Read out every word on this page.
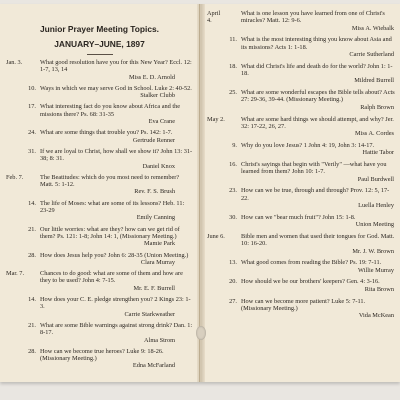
Junior Prayer Meeting Topics.
JANUARY–JUNE, 1897
Jan. 3.	What good resolution have you for this New Year? Eccl. 12: 1-7, 13, 14
Miss E. D. Arnold
10. Ways in which we may serve God in School. Luke 2: 40-52.
Stalker Clubb
17. What interesting fact do you know about Africa and the missions there? Ps. 68: 31-35
Eva Crane
24. What are some things that trouble you? Ps. 142: 1-7.
Gertrude Renner
31. If we are loyal to Christ, how shall we show it? John 13: 31-38; 8: 31.
Daniel Knox
Feb. 7.	The Beatitudes: which do you most need to remember? Matt. 5: 1-12.
Rev. F. S. Brush
14. The life of Moses: what are some of its lessons? Heb. 11: 23-29
Emily Canning
21. Our little worries: what are they? how can we get rid of them? Ps. 121: 1-8; John 14: 1, (Missionary Meeting.)
Mamie Park
28. How does Jesus help you? John 6: 28-35 (Union Meeting.)
Clara Murray
Mar. 7.	Chances to do good: what are some of them and how are they to be used? John 4: 7-15.
Mr. E. F. Burrell
14. How does your C. E. pledge strengthen you? 2 Kings 23: 1-3.
Carrie Starkweather
21. What are some Bible warnings against strong drink? Dan. 1: 8-17.
Alma Strom
28. How can we become true heroes? Luke 9: 18-26. (Missionary Meeting.)
Edna McFarland
April 4.
What is one lesson you have learned from one of Christ's miracles? Matt. 12: 9-6.
Miss A. Wiebalk
11. What is the most interesting thing you know about Asia and its missions? Acts 1: 1-18.
Carrie Sutherland
18. What did Christ's life and death do for the world? John 1: 1-18.
Mildred Burrell
25. What are some wonderful escapes the Bible tells about? Acts 27: 29-36, 39-44. (Missionary Meeting.)
Ralph Brown
May 2.	What are some hard things we should attempt, and why? Jer. 32: 17-22, 26, 27.
Miss A. Cordes
9. Why do you love Jesus? 1 John 4: 19, John 3: 14-17.
Hattie Tabor
16. Christ's sayings that begin with "Verily" —what have you learned from them? John 10: 1-7.
Paul Burdwell
23. How can we be true, through and through? Prov. 12: 5, 17-22.
Luella Henley
30. How can we "bear much fruit"? John 15: 1-8.
Union Meeting
June 6.	Bible men and women that used their tongues for God. Matt. 10: 16-20.
Mr. J. W. Brown
13. What good comes from reading the Bible? Ps. 19: 7-11.
Willie Murray
20. How should we be our brothers' keepers? Gen. 4: 3-16.
Rita Brown
27. How can we become more patient? Luke 5: 7-11. (Missionary Meeting.)
Vida McKean
